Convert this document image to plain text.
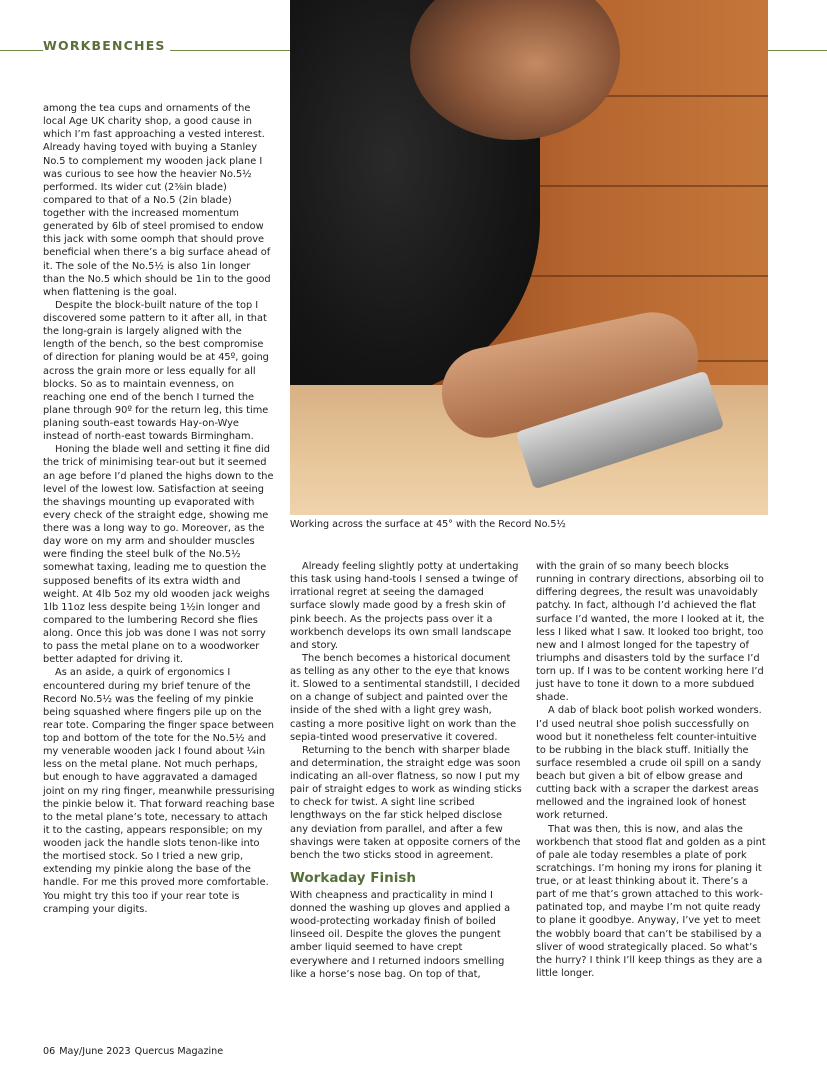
WORKBENCHES
Working across the surface at 45° with the Record No.5½

among the tea cups and ornaments of the local Age UK charity shop, a good cause in which I’m fast approaching a vested interest. Already having toyed with buying a Stanley No.5 to complement my wooden jack plane I was curious to see how the heavier No.5½ performed. Its wider cut (2⅜in blade) compared to that of a No.5 (2in blade) together with the increased momentum generated by 6lb of steel promised to endow this jack with some oomph that should prove beneficial when there’s a big surface ahead of it. The sole of the No.5½ is also 1in longer than the No.5 which should be 1in to the good when flattening is the goal.

Despite the block-built nature of the top I discovered some pattern to it after all, in that the long-grain is largely aligned with the length of the bench, so the best compromise of direction for planing would be at 45º, going across the grain more or less equally for all blocks. So as to maintain evenness, on reaching one end of the bench I turned the plane through 90º for the return leg, this time planing south-east towards Hay-on-Wye instead of north-east towards Birmingham.

Honing the blade well and setting it fine did the trick of minimising tear-out but it seemed an age before I’d planed the highs down to the level of the lowest low. Satisfaction at seeing the shavings mounting up evaporated with every check of the straight edge, showing me there was a long way to go. Moreover, as the day wore on my arm and shoulder muscles were finding the steel bulk of the No.5½ somewhat taxing, leading me to question the supposed benefits of its extra width and weight. At 4lb 5oz my old wooden jack weighs 1lb 11oz less despite being 1½in longer and compared to the lumbering Record she flies along. Once this job was done I was not sorry to pass the metal plane on to a woodworker better adapted for driving it.

As an aside, a quirk of ergonomics I encountered during my brief tenure of the Record No.5½ was the feeling of my pinkie being squashed where fingers pile up on the rear tote. Comparing the finger space between top and bottom of the tote for the No.5½ and my venerable wooden jack I found about ¼in less on the metal plane. Not much perhaps, but enough to have aggravated a damaged joint on my ring finger, meanwhile pressurising the pinkie below it. That forward reaching base to the metal plane’s tote, necessary to attach it to the casting, appears responsible; on my wooden jack the handle slots tenon-like into the mortised stock. So I tried a new grip, extending my pinkie along the base of the handle. For me this proved more comfortable. You might try this too if your rear tote is cramping your digits.

Already feeling slightly potty at undertaking this task using hand-tools I sensed a twinge of irrational regret at seeing the damaged surface slowly made good by a fresh skin of pink beech. As the projects pass over it a workbench develops its own small landscape and story.

The bench becomes a historical document as telling as any other to the eye that knows it. Slowed to a sentimental standstill, I decided on a change of subject and painted over the inside of the shed with a light grey wash, casting a more positive light on work than the sepia-tinted wood preservative it covered.

Returning to the bench with sharper blade and determination, the straight edge was soon indicating an all-over flatness, so now I put my pair of straight edges to work as winding sticks to check for twist. A sight line scribed lengthways on the far stick helped disclose any deviation from parallel, and after a few shavings were taken at opposite corners of the bench the two sticks stood in agreement.

Workaday Finish

With cheapness and practicality in mind I donned the washing up gloves and applied a wood-protecting workaday finish of boiled linseed oil. Despite the gloves the pungent amber liquid seemed to have crept everywhere and I returned indoors smelling like a horse’s nose bag. On top of that,

with the grain of so many beech blocks running in contrary directions, absorbing oil to differing degrees, the result was unavoidably patchy. In fact, although I’d achieved the flat surface I’d wanted, the more I looked at it, the less I liked what I saw. It looked too bright, too new and I almost longed for the tapestry of triumphs and disasters told by the surface I’d torn up. If I was to be content working here I’d just have to tone it down to a more subdued shade.

A dab of black boot polish worked wonders. I’d used neutral shoe polish successfully on wood but it nonetheless felt counter-intuitive to be rubbing in the black stuff. Initially the surface resembled a crude oil spill on a sandy beach but given a bit of elbow grease and cutting back with a scraper the darkest areas mellowed and the ingrained look of honest work returned.

That was then, this is now, and alas the workbench that stood flat and golden as a pint of pale ale today resembles a plate of pork scratchings. I’m honing my irons for planing it true, or at least thinking about it. There’s a part of me that’s grown attached to this work-patinated top, and maybe I’m not quite ready to plane it goodbye. Anyway, I’ve yet to meet the wobbly board that can’t be stabilised by a sliver of wood strategically placed. So what’s the hurry? I think I’ll keep things as they are a little longer.

06 May/June 2023 Quercus Magazine
